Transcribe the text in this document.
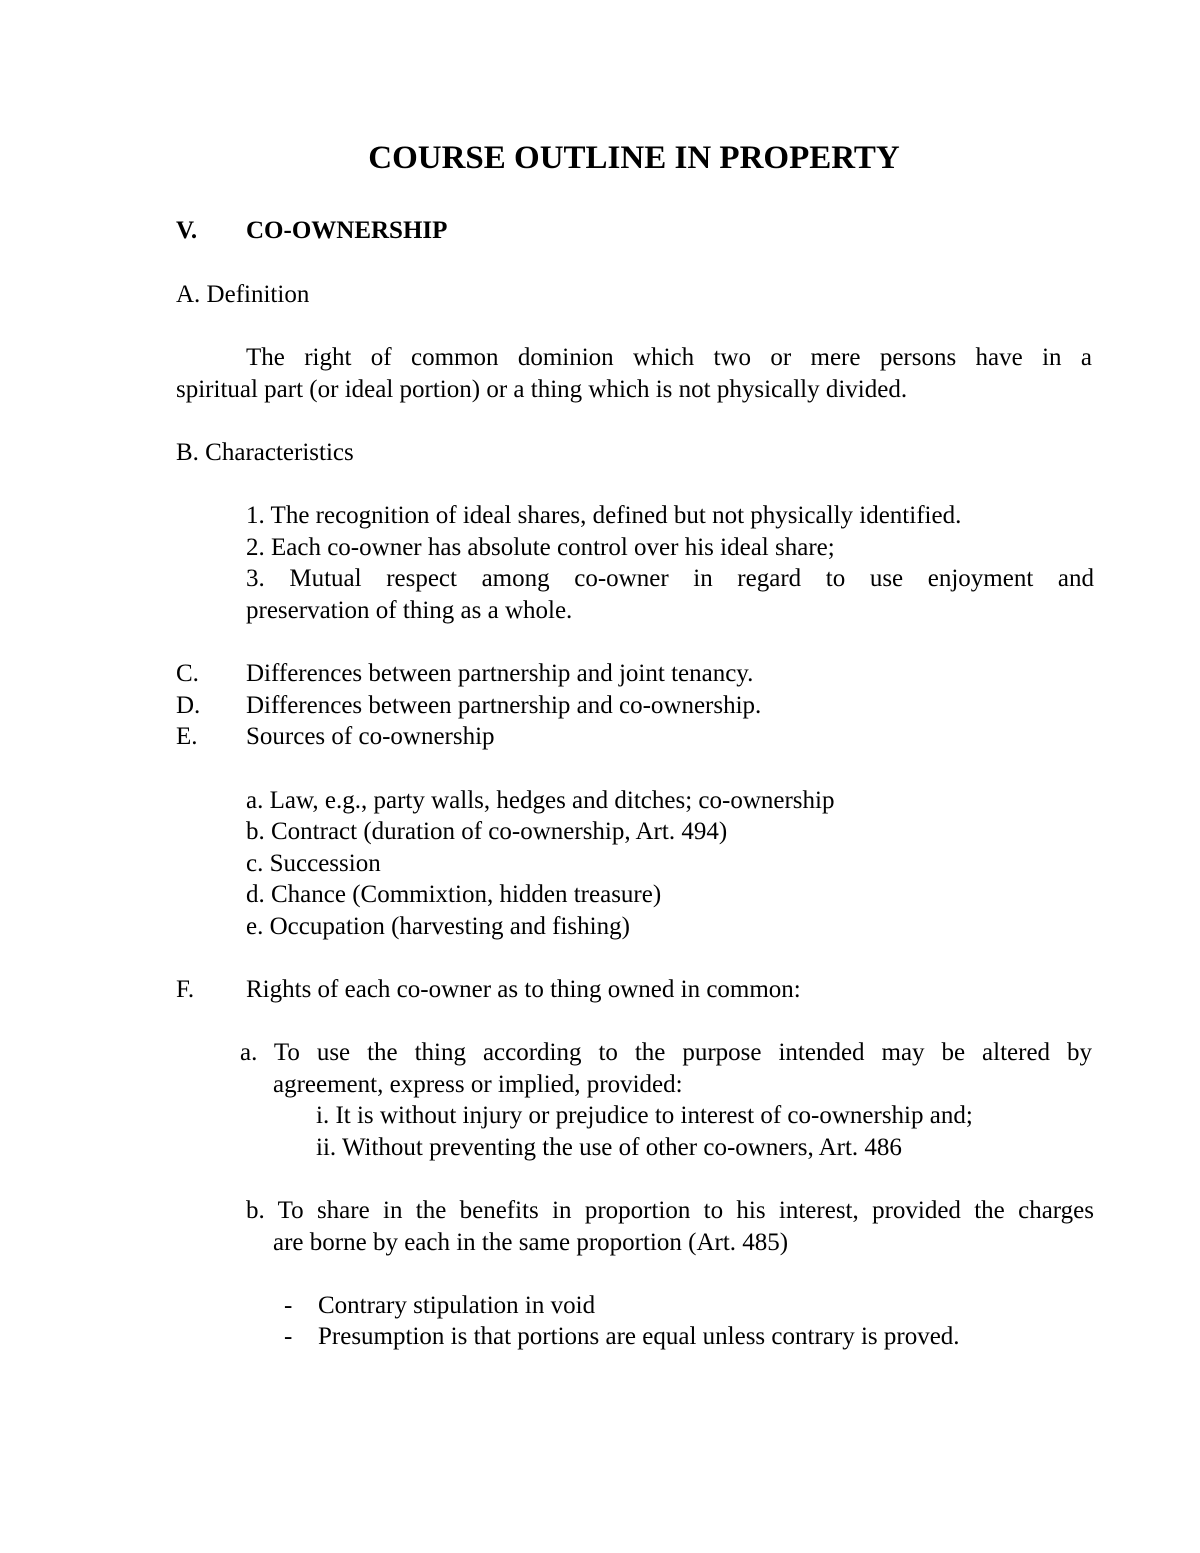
COURSE OUTLINE IN PROPERTY
V. CO-OWNERSHIP
A. Definition
The right of common dominion which two or mere persons have in a
spiritual part (or ideal portion) or a thing which is not physically divided.
B. Characteristics
1. The recognition of ideal shares, defined but not physically identified.
2. Each co-owner has absolute control over his ideal share;
3. Mutual respect among co-owner in regard to use enjoyment and
preservation of thing as a whole.
C. Differences between partnership and joint tenancy.
D. Differences between partnership and co-ownership.
E. Sources of co-ownership
a. Law, e.g., party walls, hedges and ditches; co-ownership
b. Contract (duration of co-ownership, Art. 494)
c. Succession
d. Chance (Commixtion, hidden treasure)
e. Occupation (harvesting and fishing)
F. Rights of each co-owner as to thing owned in common:
a. To use the thing according to the purpose intended may be altered by
agreement, express or implied, provided:
i. It is without injury or prejudice to interest of co-ownership and;
ii. Without preventing the use of other co-owners, Art. 486
b. To share in the benefits in proportion to his interest, provided the charges
are borne by each in the same proportion (Art. 485)
- Contrary stipulation in void
- Presumption is that portions are equal unless contrary is proved.
